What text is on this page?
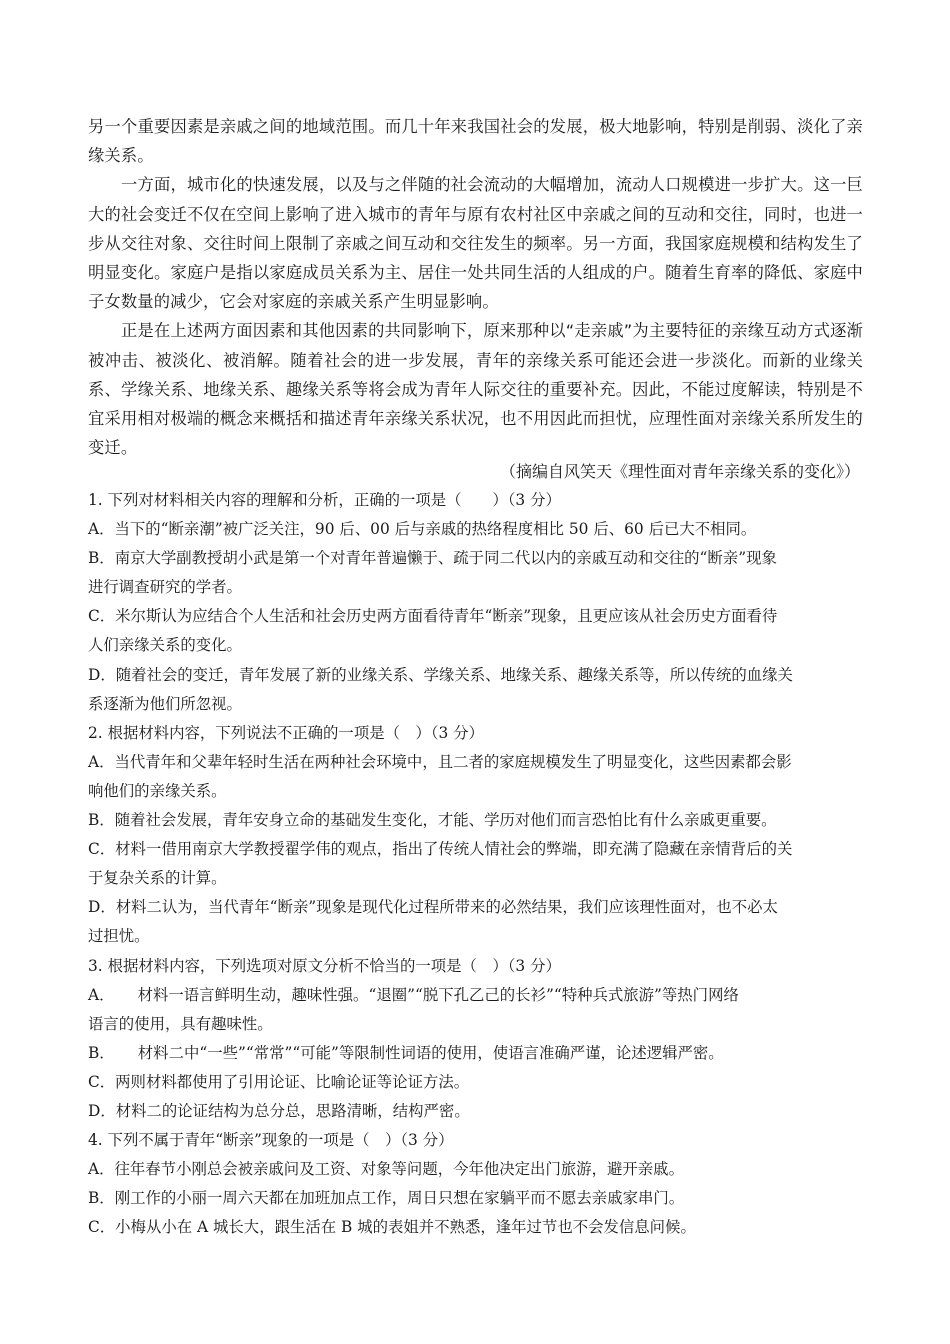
另一个重要因素是亲戚之间的地域范围。而几十年来我国社会的发展，极大地影响，特别是削弱、淡化了亲缘关系。

一方面，城市化的快速发展，以及与之伴随的社会流动的大幅增加，流动人口规模进一步扩大。这一巨大的社会变迁不仅在空间上影响了进入城市的青年与原有农村社区中亲戚之间的互动和交往，同时，也进一步从交往对象、交往时间上限制了亲戚之间互动和交往发生的频率。另一方面，我国家庭规模和结构发生了明显变化。家庭户是指以家庭成员关系为主、居住一处共同生活的人组成的户。随着生育率的降低、家庭中子女数量的减少，它会对家庭的亲戚关系产生明显影响。

正是在上述两方面因素和其他因素的共同影响下，原来那种以“走亲戚”为主要特征的亲缘互动方式逐渐被冲击、被淡化、被消解。随着社会的进一步发展，青年的亲缘关系可能还会进一步淡化。而新的业缘关系、学缘关系、地缘关系、趣缘关系等将会成为青年人际交往的重要补充。因此，不能过度解读，特别是不宜采用相对极端的概念来概括和描述青年亲缘关系状况，也不用因此而担忧，应理性面对亲缘关系所发生的变迁。

（摘编自风笑天《理性面对青年亲缘关系的变化》）
1. 下列对材料相关内容的理解和分析，正确的一项是（　　）（3 分）
A．当下的“断亲潮”被广泛关注，90 后、00 后与亲戚的热络程度相比 50 后、60 后已大不相同。
B．南京大学副教授胡小武是第一个对青年普遍懒于、疏于同二代以内的亲戚互动和交往的“断亲”现象
进行调查研究的学者。
C．米尔斯认为应结合个人生活和社会历史两方面看待青年“断亲”现象，且更应该从社会历史方面看待
人们亲缘关系的变化。
D．随着社会的变迁，青年发展了新的业缘关系、学缘关系、地缘关系、趣缘关系等，所以传统的血缘关
系逐渐为他们所忽视。
2. 根据材料内容，下列说法不正确的一项是（　）（3 分）
A．当代青年和父辈年轻时生活在两种社会环境中，且二者的家庭规模发生了明显变化，这些因素都会影
响他们的亲缘关系。
B．随着社会发展，青年安身立命的基础发生变化，才能、学历对他们而言恐怕比有什么亲戚更重要。
C．材料一借用南京大学教授翟学伟的观点，指出了传统人情社会的弊端，即充满了隐藏在亲情背后的关
于复杂关系的计算。
D．材料二认为，当代青年“断亲”现象是现代化过程所带来的必然结果，我们应该理性面对，也不必太
过担忧。
3. 根据材料内容，下列选项对原文分析不恰当的一项是（　）（3 分）
A．　　材料一语言鲜明生动，趣味性强。“退圈”“脱下孔乙己的长衫”“特种兵式旅游”等热门网络
语言的使用，具有趣味性。
B．　　材料二中“一些”“常常”“可能”等限制性词语的使用，使语言准确严谨，论述逻辑严密。
C．两则材料都使用了引用论证、比喻论证等论证方法。
D．材料二的论证结构为总分总，思路清晰，结构严密。
4. 下列不属于青年“断亲”现象的一项是（　）（3 分）
A．往年春节小刚总会被亲戚问及工资、对象等问题，今年他决定出门旅游，避开亲戚。
B．刚工作的小丽一周六天都在加班加点工作，周日只想在家躺平而不愿去亲戚家串门。
C．小梅从小在 A 城长大，跟生活在 B 城的表姐并不熟悉，逢年过节也不会发信息问候。
